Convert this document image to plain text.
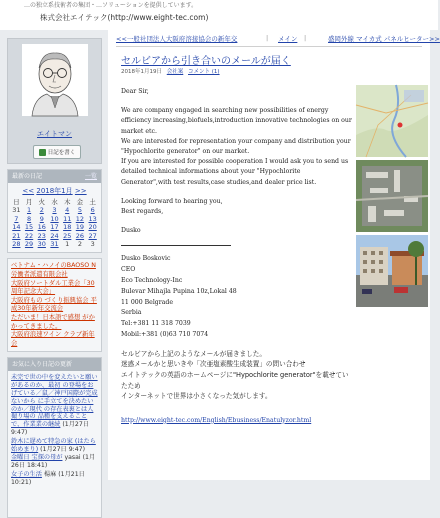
…の独立系技術者の集団・…ソリューションを提供しています。
株式会社エイテック(http://www.eight-tec.com)
エイトマン
日記を書く
最新の日記	一覧
<< 2018年1月 >>
日 月 火 水 木 金 土
31	1	2	3	4	5	6
7	8	9	10 11 12 13
14 15 16 17 18 19 20
21 22 23 24 25 26 27
28 29 30 31	1	2	3
ベトナム・ハノイのBAOSO N 労働者派遣有限会社
大阪府ソートダル工業会「30周年記念大会」
大阪府もの づくり振興協会 平成30年新年交流会
ただいま！日本語で感想 がかかってきました。
大阪府浪速ワイン クラブ新年会
お気に入り日記の更新
未完で世の中を変えたいと願いがあるのか、最初 の登場をおげている／鼠／神戸国際が完成ないから に手立てを決めたいのか／現代 の存在表裏とは人 撮り場の 品種を支えることで、作業業の継続 (1月27日 9:47)
鈴木に遅めて特急の家 (はたら 始めまり) (1月27日 9:47)
金曜日 宝探の母が yasai (1月26日 18:41)
女子の生活 楊麻 (1月21日 10:21)
<<一般社団法人大阪府溶接協会の新年交	| メイン |	盛岡外線 マイカ式 パネルヒーター>>
セルビアから引き合いのメールが届く
2018年1月19日 会社案 コメント (1)

Dear Sir,

We are company engaged in searching new possibilities of energy efficiency increasing,biofuels,introduction innovative technologies on our market etc.

We are interested for representation your company and distribution your "Hypochlorite generator" on our market.

If you are interested for possible cooperation I would ask you to send us detailed technical informations about your "Hypochlorite Generator",with test results,case studies,and dealer price list.

Looking forward to hearing you,

Best regards,

Dusko

Dusko Boskovic
CEO
Eco Technology-Inc
Bulevar Mihajla Pupina 10z,Lokal 48
11 000 Belgrade
Serbia
Tel:+381 11 318 7039
Mobil:+381 (0)63 710 7074
セルビアから上記のようなメールが届きました。
迷惑メールかと思いきや「次亜塩素酸生成装置」の問い合わせ
エイトテックの英語のホームページに"Hypochlorite generator"を載せていたため
インターネットで世界は小さくなった気がします。
http://www.eight-tec.com/English/Ebusiness/Enatulyzor.html
